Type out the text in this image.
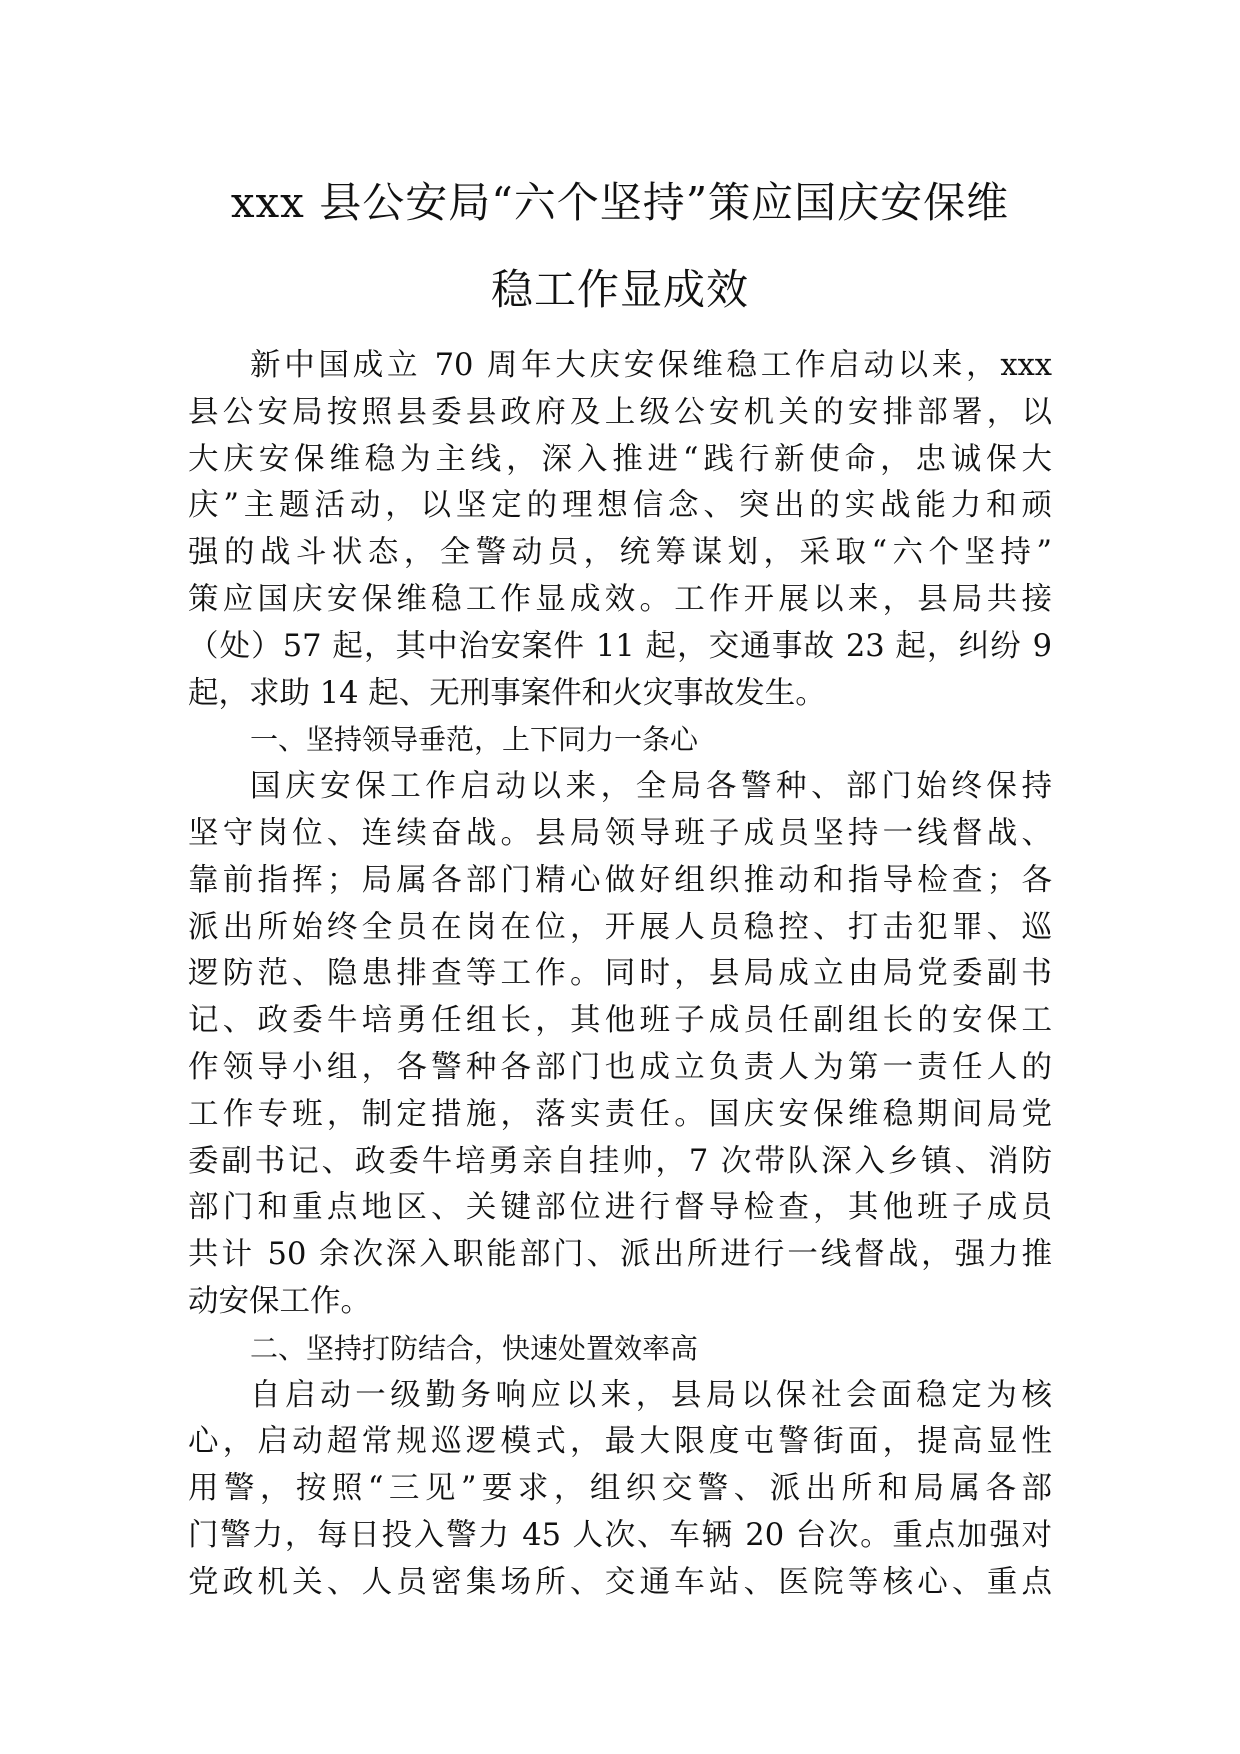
xxx 县公安局“六个坚持”策应国庆安保维
稳工作显成效
新中国成立 70 周年大庆安保维稳工作启动以来，xxx
县公安局按照县委县政府及上级公安机关的安排部署，以
大庆安保维稳为主线，深入推进“践行新使命，忠诚保大
庆”主题活动，以坚定的理想信念、突出的实战能力和顽
强的战斗状态，全警动员，统筹谋划，采取“六个坚持”
策应国庆安保维稳工作显成效。工作开展以来，县局共接
（处）57 起，其中治安案件 11 起，交通事故 23 起，纠纷 9
起，求助 14 起、无刑事案件和火灾事故发生。
一、坚持领导垂范，上下同力一条心
国庆安保工作启动以来，全局各警种、部门始终保持
坚守岗位、连续奋战。县局领导班子成员坚持一线督战、
靠前指挥；局属各部门精心做好组织推动和指导检查；各
派出所始终全员在岗在位，开展人员稳控、打击犯罪、巡
逻防范、隐患排查等工作。同时，县局成立由局党委副书
记、政委牛培勇任组长，其他班子成员任副组长的安保工
作领导小组，各警种各部门也成立负责人为第一责任人的
工作专班，制定措施，落实责任。国庆安保维稳期间局党
委副书记、政委牛培勇亲自挂帅，7 次带队深入乡镇、消防
部门和重点地区、关键部位进行督导检查，其他班子成员
共计 50 余次深入职能部门、派出所进行一线督战，强力推
动安保工作。
二、坚持打防结合，快速处置效率高
自启动一级勤务响应以来，县局以保社会面稳定为核
心，启动超常规巡逻模式，最大限度屯警街面，提高显性
用警，按照“三见”要求，组织交警、派出所和局属各部
门警力，每日投入警力 45 人次、车辆 20 台次。重点加强对
党政机关、人员密集场所、交通车站、医院等核心、重点
